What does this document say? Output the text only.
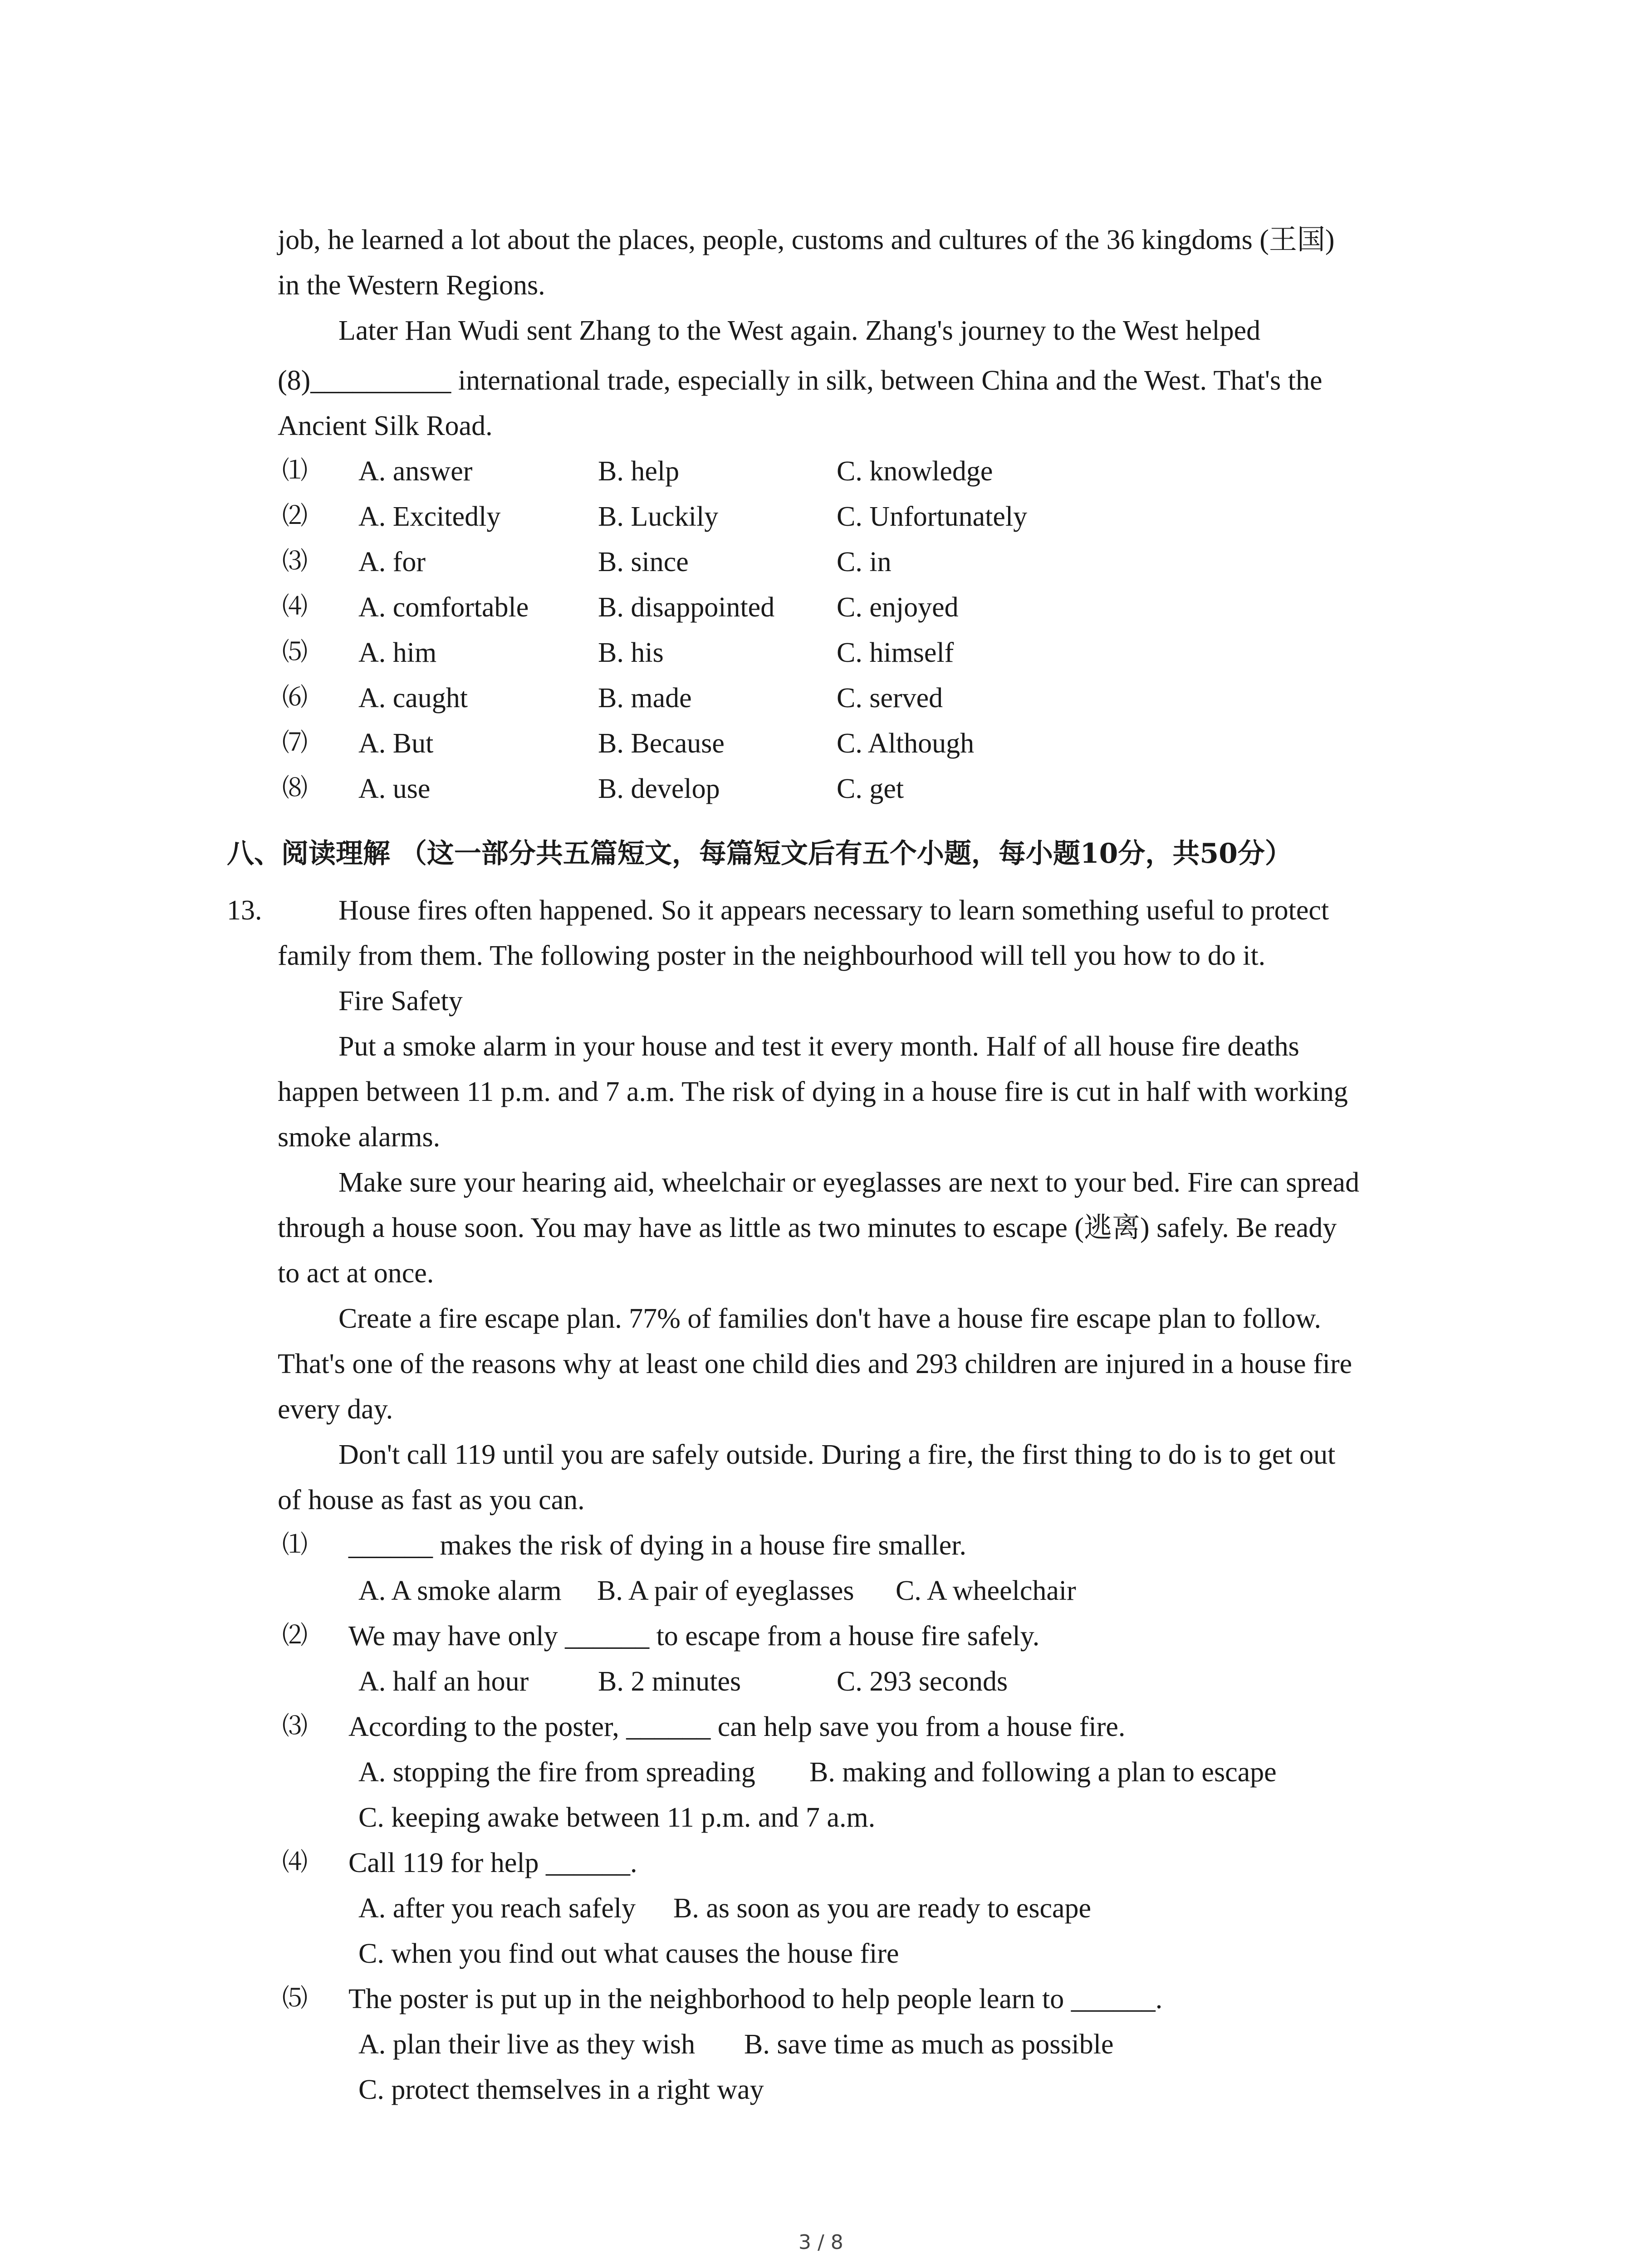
job, he learned a lot about the places, people, customs and cultures of the 36 kingdoms (王国)
in the Western Regions.
Later Han Wudi sent Zhang to the West again. Zhang's journey to the West helped
(8)__________ international trade, especially in silk, between China and the West. That's the
Ancient Silk Road.
⑴ A. answer	B. help	C. knowledge
⑵ A. Excitedly	B. Luckily	C. Unfortunately
⑶ A. for	B. since	C. in
⑷ A. comfortable B. disappointed C. enjoyed
⑸ A. him	B. his	C. himself
⑹ A. caught	B. made	C. served
⑺ A. But	B. Because	C. Although
⑻ A. use	B. develop	C. get
八、阅读理解 （这一部分共五篇短文，每篇短文后有五个小题，每小题10分，共50分）
13.	House fires often happened. So it appears necessary to learn something useful to protect
family from them. The following poster in the neighbourhood will tell you how to do it.
Fire Safety
Put a smoke alarm in your house and test it every month. Half of all house fire deaths
happen between 11 p.m. and 7 a.m. The risk of dying in a house fire is cut in half with working
smoke alarms.
Make sure your hearing aid, wheelchair or eyeglasses are next to your bed. Fire can spread
through a house soon. You may have as little as two minutes to escape (逃离) safely. Be ready
to act at once.
Create a fire escape plan. 77% of families don't have a house fire escape plan to follow.
That's one of the reasons why at least one child dies and 293 children are injured in a house fire
every day.
Don't call 119 until you are safely outside. During a fire, the first thing to do is to get out
of house as fast as you can.
⑴ ______ makes the risk of dying in a house fire smaller.
A. A smoke alarm B. A pair of eyeglasses C. A wheelchair
⑵ We may have only ______ to escape from a house fire safely.
A. half an hour B. 2 minutes	C. 293 seconds
⑶ According to the poster, ______ can help save you from a house fire.
A. stopping the fire from spreading B. making and following a plan to escape
C. keeping awake between 11 p.m. and 7 a.m.
⑷ Call 119 for help ______.
A. after you reach safely B. as soon as you are ready to escape
C. when you find out what causes the house fire
⑸ The poster is put up in the neighborhood to help people learn to ______.
A. plan their live as they wish B. save time as much as possible
C. protect themselves in a right way
3 / 8
